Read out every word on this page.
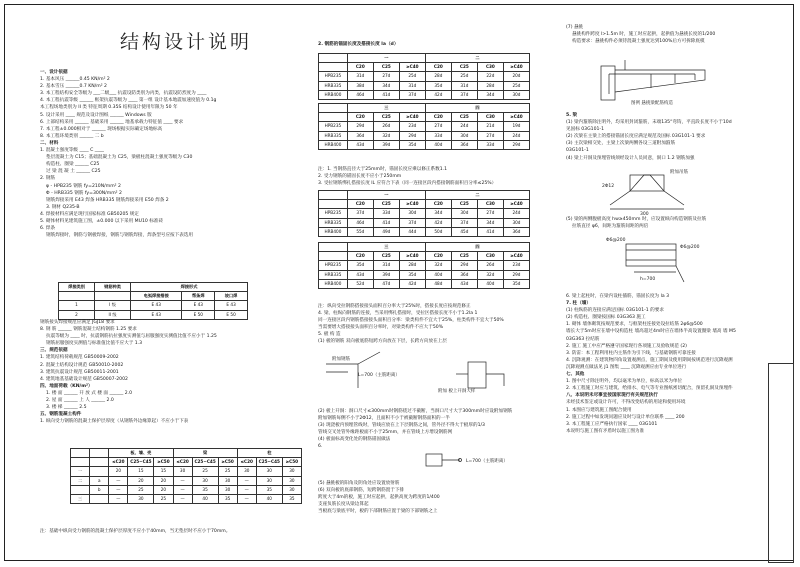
结构设计说明
一、设计依据
1. 基本风压 ______0.45 KN/m² 2
2. 基本雪压 ______0.7 KN/m² 2
3. 本工程结构安全等级为 ___二级___ 抗震设防类别为丙类，抗震设防烈度为 ____
4. 本工程抗震等级 ______ 框架抗震等级为 ____ 第一组 设计基本地震加速度值为 0.1g
本工程场地类别为 II 类 特征周期 0.35S 结构设计使用年限为 50 年
5. 设计采用 ____ 规范及设计图纸 ______ Windows 版
6. 上部结构采用 ______ 基础采用 ______ 地基承载力特征值 ____ 要求
7. 本工程±0.000相对于 ______ 现场根据实际确定场地标高
8. 本工程环境类别 ______ 二 b
二、材料
1. 混凝土强度等级 ____ C ____
垫层混凝土为 C15；基础混凝土为 C25，梁板柱混凝土强度等级为 C30
构造柱、圈梁 ______ C25
过 梁 混 凝 土 ______ C25
2. 钢筋
φ - HPB235 钢筋 fy=210N/mm² 2
Φ - HRB335 钢筋 fy=300N/mm² 2
钢筋焊接采用 E43 焊条 HRB335 钢筋焊接采用 E50 焊条 2
3. 钢材 Q235-B
4. 焊接材料应满足现行国家标准 GB50205 规定
5. 砌体材料见建筑施工图，±0.000 以下采用 MU10 标准砖
6. 焊条
钢筋焊接时，钢筋与钢板焊接，钢筋与钢筋焊接，焊条型号应按下表选用
焊接类别	钢筋种类	焊接形式		
		电弧焊接搭接	帮条焊	坡口焊
1	I 级	E 43	E 43	E 43
2	II 级	E 43	E 50	E 50
钢筋接头焊接规范应满足 JGJ18 要求
8. 钢 筋 ______ 钢筋混凝土结构钢筋 1.25 要求
抗震等级为 ____ 时，抗震钢筋抗拉强度实测值与屈服强度实测值比值不应小于 1.25
钢筋屈服强度实测值与标准值比值不应大于 1.3
三、规范依据
1. 建筑结构荷载规范 GB50009-2002
2. 混凝土结构设计规范 GB50010-2002
3. 建筑抗震设计规范 GB50011-2001
4. 建筑地基基础设计规范 GB50007-2002
四、地面荷载（KN/m²）
1. 楼 面 ______ 开 放 式 楼 面 ______ 2.0
2. 屋 面 ______ 上 人 ______ 2.0
3. 楼 梯 ______ 2.5
五、钢筋混凝土构件
1. 纵向受力钢筋的混凝土保护层厚度（从钢筋外边缘算起）不应小于下表
		板、墙、壳			梁			柱		
		≤C20	C25~C45	≥C50	≤C20	C25~C45	≥C50	≤C20	C25~C45	≥C50
一		20	15	15	30	25	25	30	30	30
二	a	—	20	20	—	30	30	—	30	30
	b	—	25	20	—	35	30	—	35	30
三		—	30	25	—	40	35	—	40	35
注：基础中纵向受力钢筋的混凝土保护层厚度不应小于40mm，当无垫层时不应小于70mm。
2. 钢筋的锚固长度及搭接长度 la（d）
	一			二			
	C20	C25	≥C40	C20	C25	C30	≥C40
HPB235	31d	27d	25d	28d	25d	22d	20d
HRB335	38d	34d	31d	35d	31d	28d	25d
HRB400	46d	41d	37d	42d	37d	34d	30d
	三			四			
	C20	C25	≥C40	C20	C25	C30	≥C40
HPB235	29d	26d	23d	27d	24d	21d	19d
HRB335	36d	32d	29d	33d	30d	27d	24d
HRB400	43d	39d	35d	40d	36d	33d	29d
注：1. 当钢筋直径大于25mm时，锚固长度应乘以修正系数1.1
2. 受力钢筋的锚固长度不应小于250mm
3. 受拉钢筋绑扎搭接长度 lL 应符合下表（同一连接区段内搭接钢筋面积百分率≤25%）
	一			二			
	C20	C25	≥C40	C20	C25	C30	≥C40
HPB235	37d	33d	30d	34d	30d	27d	24d
HRB335	46d	41d	37d	42d	37d	34d	30d
HRB400	55d	49d	44d	50d	45d	41d	36d
	三			四			
	C20	C25	≥C40	C20	C25	C30	≥C40
HPB235	35d	31d	28d	32d	29d	26d	23d
HRB335	43d	39d	35d	40d	36d	32d	29d
HRB400	52d	47d	42d	48d	43d	40d	35d
注：纵向受拉钢筋搭接接头面积百分率大于25%时，搭接长度应按规范修正
4. 梁、柱纵向钢筋的连接，当采用绑扎搭接时，受拉区搭接长度不小于1.2la 1
同一连接区段内钢筋搭接接头面积百分率：梁类构件不宜大于25%，柱类构件不宜大于50%
当需要增大搭接接头面积百分率时，对梁类构件不应大于50%
5. 板 构 造
(1) 板的钢筋 双向板底筋短跨方向放在下层，长跨方向放在上层
附加钢筋
L=700（主筋距离）
附加 板上开洞大样
(2) 板上开洞：洞口尺寸≤300mm时钢筋绕过不截断，当洞口尺寸大于300mm时应设附加钢筋
附加钢筋每侧不小于2Φ12，且面积不小于被截断钢筋面积的一半
(3) 现浇板内预埋管线时，管线应放在上下层钢筋之间，管外径不得大于板厚的1/3
管线交叉处管外缘距板面不小于25mm，并在管线上方增设钢筋网
(4) 板面标高变化处的钢筋锚固做法
6.
L=700（主筋距离）
(5) 悬挑板的阳角及阴角处应设置放射筋
(6) 双向板的底部钢筋，短跨钢筋置于下排
跨度大于4m的板，施工时应起拱，起拱高度为跨度的1/400
支座负筋长度从梁边算起
当板底与梁底平时，板的下部钢筋应置于梁的下部钢筋之上
(7) 悬挑
悬挑构件跨度 l>1.5m 时，施工时应起拱，起拱值为悬挑长度的1/200
构造要求：悬挑构件必须待混凝土强度达到100%后方可拆除底模
图例 悬挑梁配筋构造
5. 梁
(1) 梁内箍筋除注明外，均采用封闭箍筋，末端135°弯钩，平直段长度不小于10d
见国标 03G101-1
(2) 次梁在主梁上的搭接锚固长度应满足规范及国标 03G101-1 要求
(3) 主次梁相交处，主梁上次梁两侧各设三道附加箍筋
03G101-1
(4) 梁上开洞及预埋管线须经设计人员同意，洞口 1.2 钢筋加强
附加吊筋
2Φ12
300
(5) 梁的两侧腹板高度 hw≥450mm 时，应设置纵向构造钢筋及拉筋
拉筋直径 φ6，间距为箍筋间距的两倍
Φ6@200
Φ6@200
h=700
6. 梁上起柱时，在梁内设柱插筋，锚固长度为 la 3
7. 柱（墙）
(1) 柱纵筋的连接应满足国标 03G101-1 的要求
(2) 构造柱、圈梁按国标 03G363 施工
1. 砌体 墙体砌筑按规范要求，与框架柱连接处设拉结筋 2φ6@500
墙长大于5m时应在墙中设构造柱 墙高超过4m时应在墙体半高设置圈梁 墙高 墙 M5
03G363 拉结筋
2. 施工 施工中应严格遵守国家现行各项施工及验收规范 (2)
3. 防雷：本工程利用柱内主筋作为引下线，与基础钢筋可靠连接
4. 沉降观测：在建筑物四角设置观测点，施工期间及使用期间按规范进行沉降观测
沉降观测点做法见 J1 图集 ____ 沉降观测应由专业单位进行
七、其他
1. 图中尺寸除注明外，均以毫米为单位，标高以米为单位
2. 本工程施工时应与建筑、给排水、电气等专业图纸密切配合，预留孔洞及预埋件
八、本说明未尽事宜按国家现行有关规范执行
未经技术鉴定或设计许可，不得改变结构的用途和使用环境
1. 本图应与建筑施工图配合使用
2. 施工过程中如发现问题应及时与设计单位联系 ____ 200
3. 本工程施工应严格执行国家 ____ 03G101
本说明与施工图有矛盾时以施工图为准
